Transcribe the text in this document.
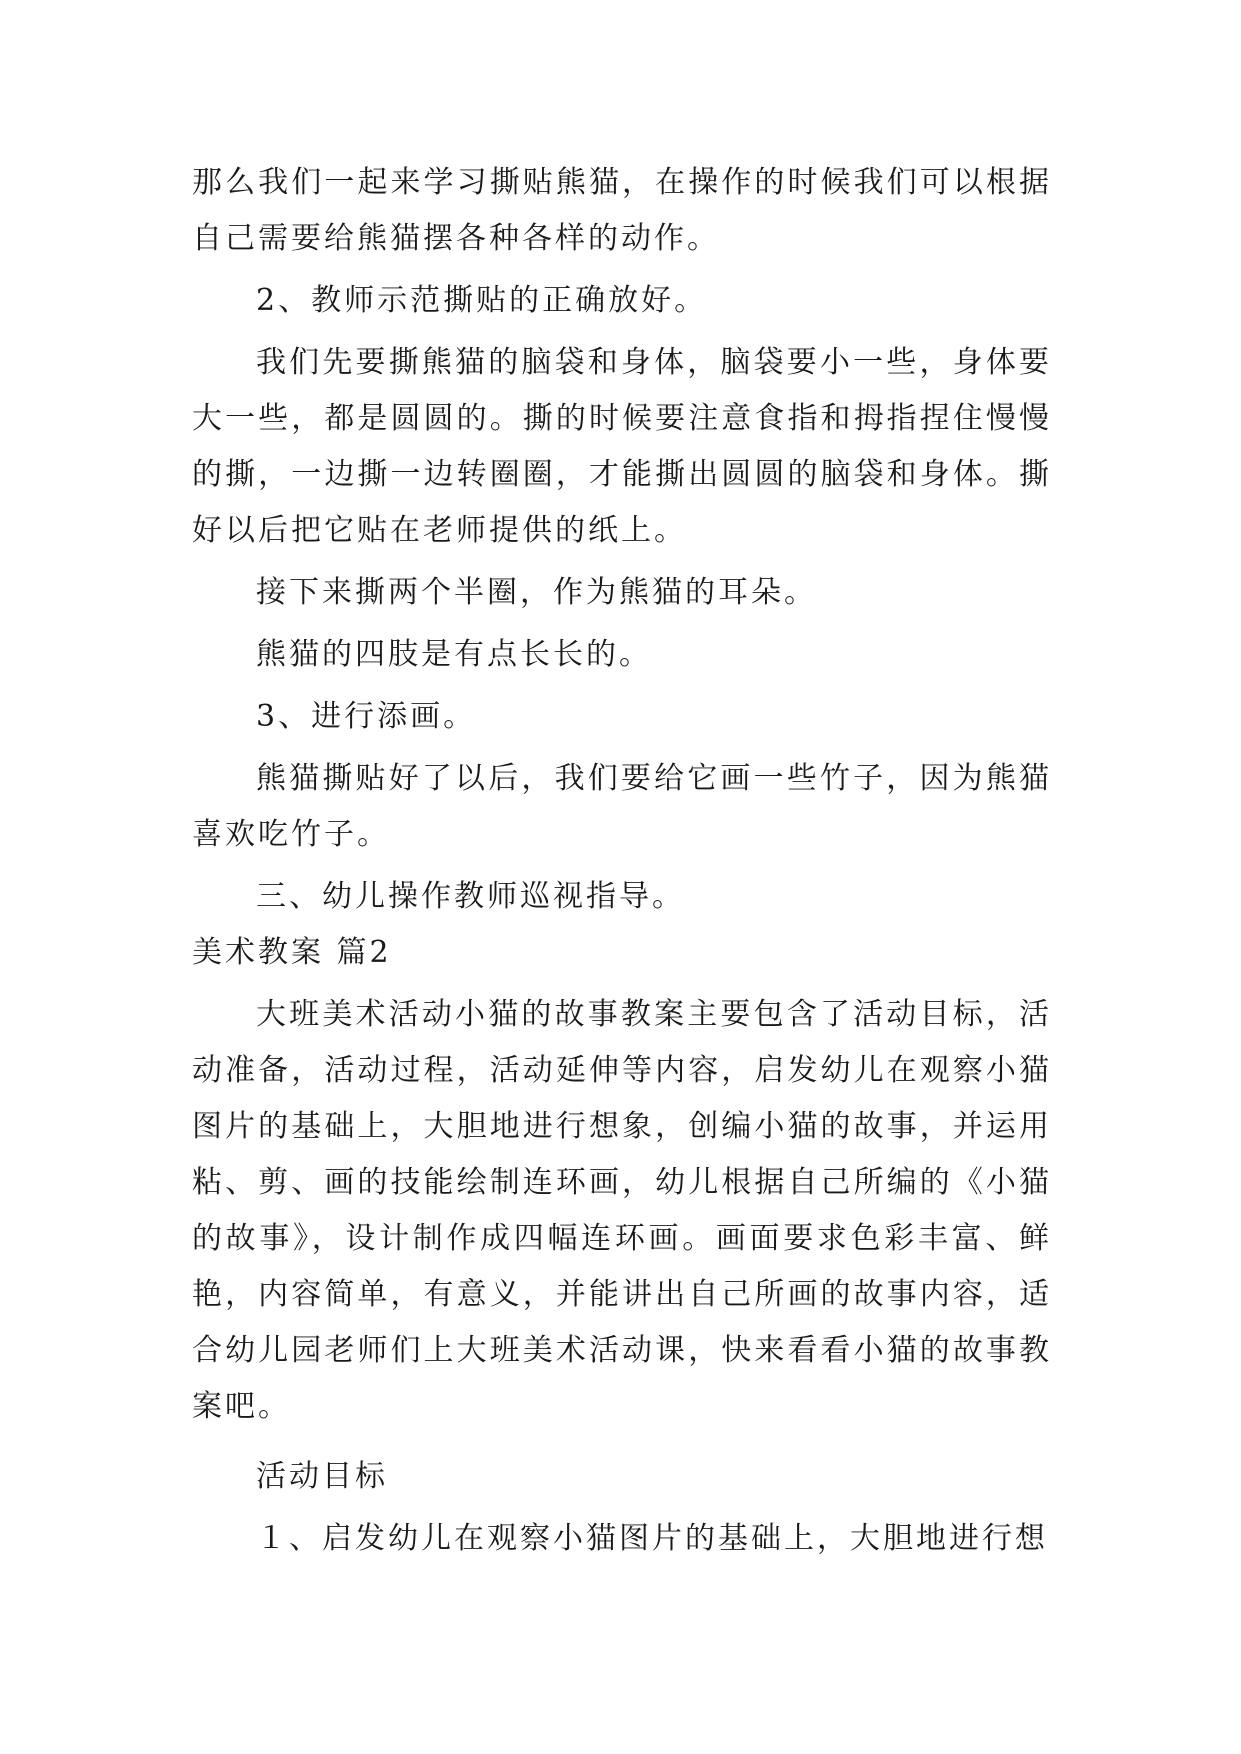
那么我们一起来学习撕贴熊猫，在操作的时候我们可以根据自己需要给熊猫摆各种各样的动作。

2、教师示范撕贴的正确放好。

我们先要撕熊猫的脑袋和身体，脑袋要小一些，身体要大一些，都是圆圆的。撕的时候要注意食指和拇指捏住慢慢的撕，一边撕一边转圈圈，才能撕出圆圆的脑袋和身体。撕好以后把它贴在老师提供的纸上。

接下来撕两个半圈，作为熊猫的耳朵。

熊猫的四肢是有点长长的。

3、进行添画。

熊猫撕贴好了以后，我们要给它画一些竹子，因为熊猫喜欢吃竹子。

三、幼儿操作教师巡视指导。

美术教案 篇2

大班美术活动小猫的故事教案主要包含了活动目标，活动准备，活动过程，活动延伸等内容，启发幼儿在观察小猫图片的基础上，大胆地进行想象，创编小猫的故事，并运用粘、剪、画的技能绘制连环画，幼儿根据自己所编的《小猫的故事》，设计制作成四幅连环画。画面要求色彩丰富、鲜艳，内容简单，有意义，并能讲出自己所画的故事内容，适合幼儿园老师们上大班美术活动课，快来看看小猫的故事教案吧。

活动目标

１、启发幼儿在观察小猫图片的基础上，大胆地进行想
